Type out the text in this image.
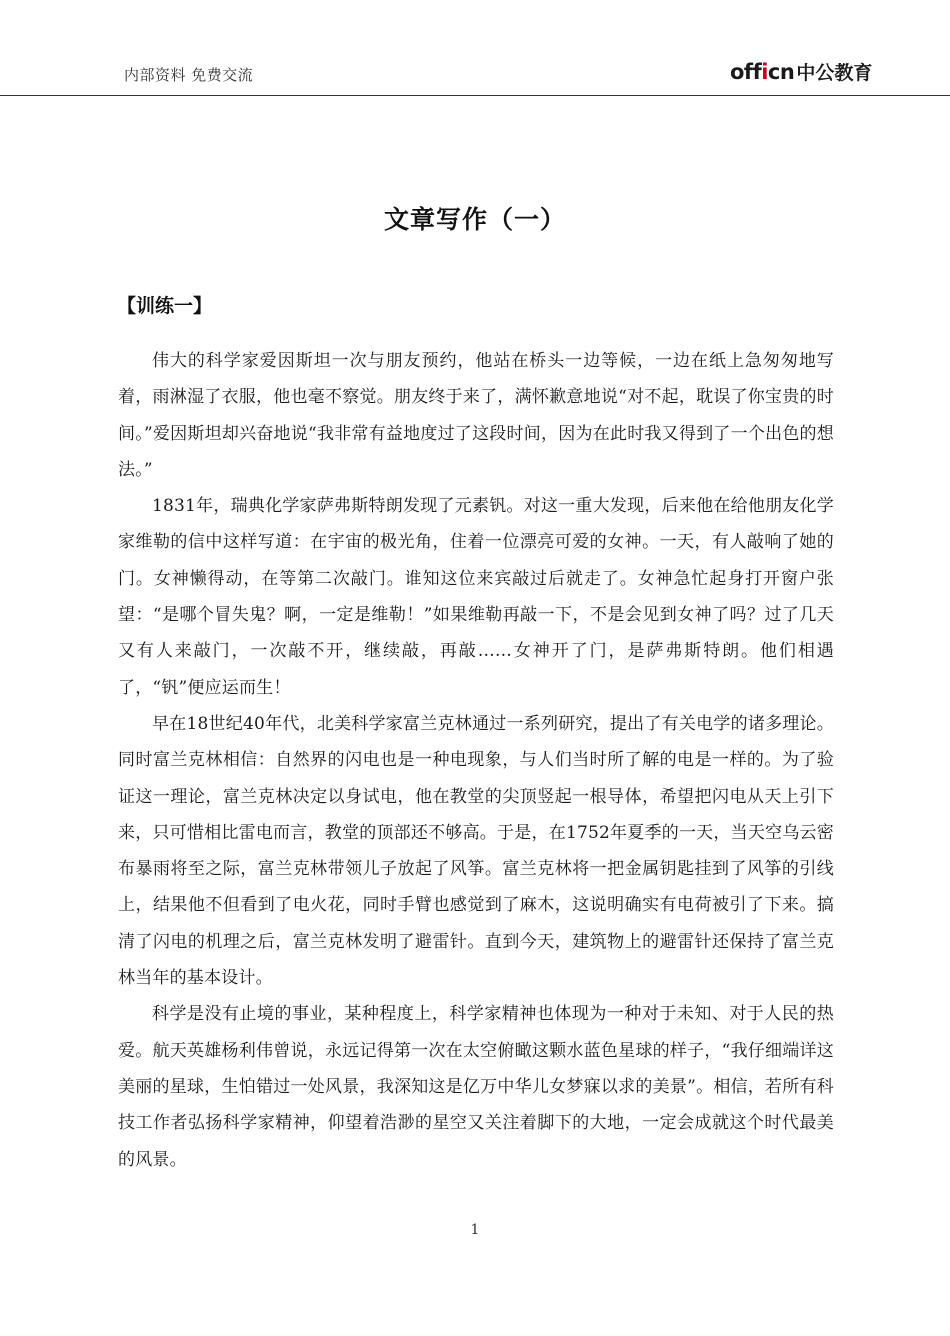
内部资料 免费交流	officn 中公教育
文章写作（一）
【训练一】

伟大的科学家爱因斯坦一次与朋友预约，他站在桥头一边等候，一边在纸上急匆匆地写着，雨淋湿了衣服，他也毫不察觉。朋友终于来了，满怀歉意地说“对不起，耽误了你宝贵的时间。”爱因斯坦却兴奋地说“我非常有益地度过了这段时间，因为在此时我又得到了一个出色的想法。”

1831年，瑞典化学家萨弗斯特朗发现了元素钒。对这一重大发现，后来他在给他朋友化学家维勒的信中这样写道：在宇宙的极光角，住着一位漂亮可爱的女神。一天，有人敲响了她的门。女神懒得动，在等第二次敲门。谁知这位来宾敲过后就走了。女神急忙起身打开窗户张望：“是哪个冒失鬼？啊，一定是维勒！”如果维勒再敲一下，不是会见到女神了吗？过了几天又有人来敲门，一次敲不开，继续敲，再敲……女神开了门，是萨弗斯特朗。他们相遇了，“钒”便应运而生！

早在18世纪40年代，北美科学家富兰克林通过一系列研究，提出了有关电学的诸多理论。同时富兰克林相信：自然界的闪电也是一种电现象，与人们当时所了解的电是一样的。为了验证这一理论，富兰克林决定以身试电，他在教堂的尖顶竖起一根导体，希望把闪电从天上引下来，只可惜相比雷电而言，教堂的顶部还不够高。于是，在1752年夏季的一天，当天空乌云密布暴雨将至之际，富兰克林带领儿子放起了风筝。富兰克林将一把金属钥匙挂到了风筝的引线上，结果他不但看到了电火花，同时手臂也感觉到了麻木，这说明确实有电荷被引了下来。搞清了闪电的机理之后，富兰克林发明了避雷针。直到今天，建筑物上的避雷针还保持了富兰克林当年的基本设计。

科学是没有止境的事业，某种程度上，科学家精神也体现为一种对于未知、对于人民的热爱。航天英雄杨利伟曾说，永远记得第一次在太空俯瞰这颗水蓝色星球的样子，“我仔细端详这美丽的星球，生怕错过一处风景，我深知这是亿万中华儿女梦寐以求的美景”。相信，若所有科技工作者弘扬科学家精神，仰望着浩渺的星空又关注着脚下的大地，一定会成就这个时代最美的风景。

1
